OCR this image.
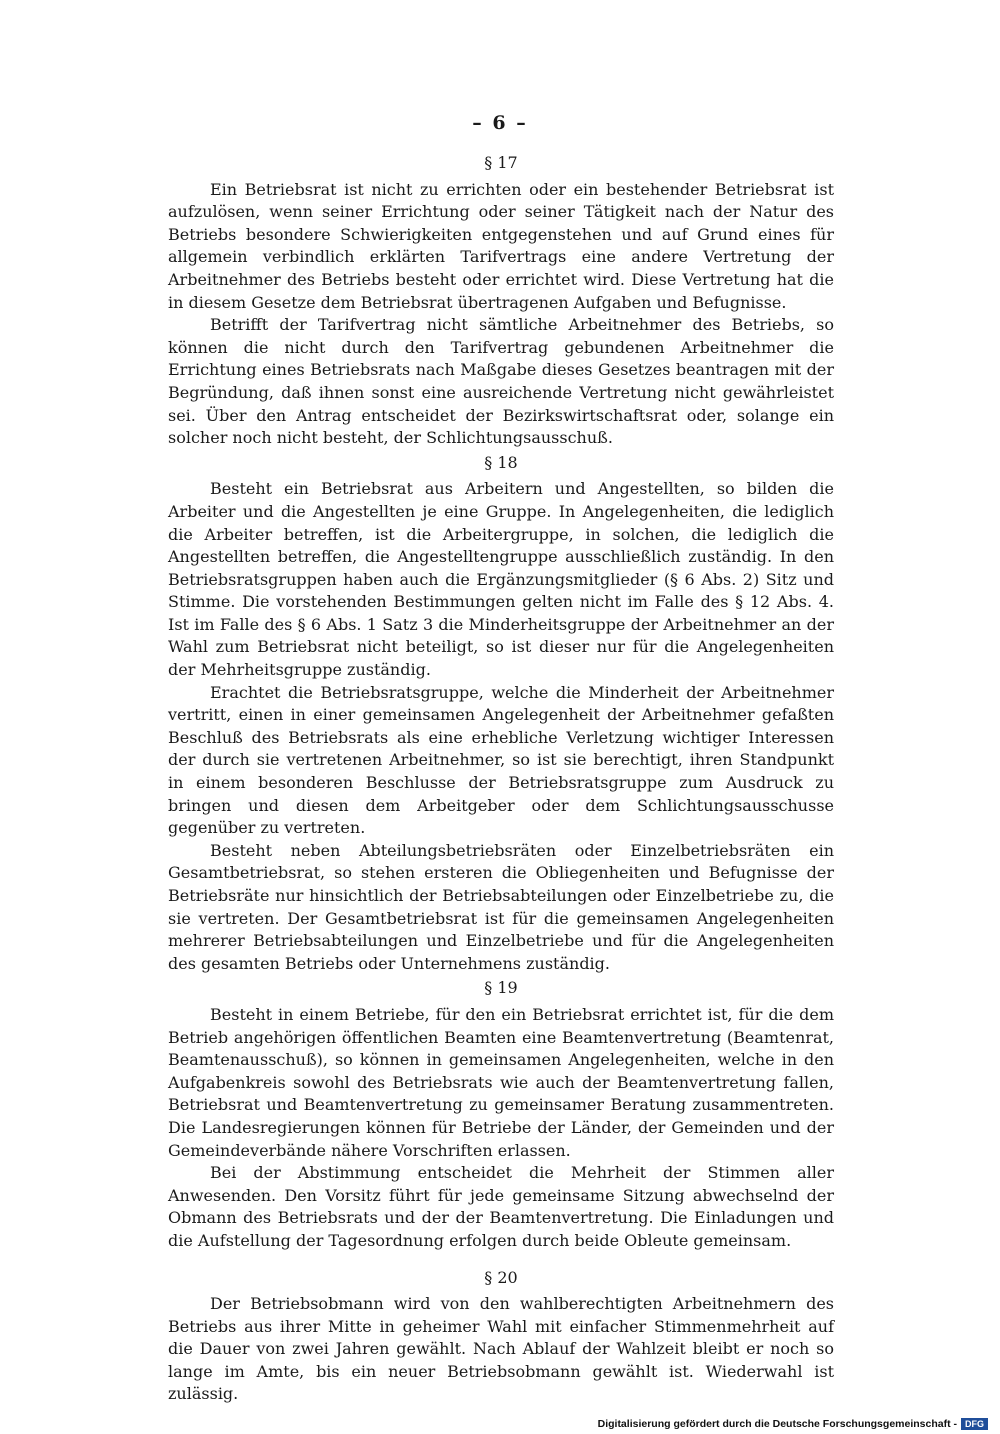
– 6 –
§ 17

Ein Betriebsrat ist nicht zu errichten oder ein bestehender Betriebsrat ist aufzulösen, wenn seiner Errichtung oder seiner Tätigkeit nach der Natur des Betriebs besondere Schwierigkeiten entgegenstehen und auf Grund eines für allgemein verbindlich erklärten Tarifvertrags eine andere Vertretung der Arbeitnehmer des Betriebs besteht oder errichtet wird. Diese Vertretung hat die in diesem Gesetze dem Betriebsrat übertragenen Aufgaben und Befugnisse.

Betrifft der Tarifvertrag nicht sämtliche Arbeitnehmer des Betriebs, so können die nicht durch den Tarifvertrag gebundenen Arbeitnehmer die Errichtung eines Betriebsrats nach Maßgabe dieses Gesetzes beantragen mit der Begründung, daß ihnen sonst eine ausreichende Vertretung nicht gewährleistet sei. Über den Antrag entscheidet der Bezirkswirtschaftsrat oder, solange ein solcher noch nicht besteht, der Schlichtungsausschuß.

§ 18

Besteht ein Betriebsrat aus Arbeitern und Angestellten, so bilden die Arbeiter und die Angestellten je eine Gruppe. In Angelegenheiten, die lediglich die Arbeiter betreffen, ist die Arbeitergruppe, in solchen, die lediglich die Angestellten betreffen, die Angestelltengruppe ausschließlich zuständig. In den Betriebsratsgruppen haben auch die Ergänzungsmitglieder (§ 6 Abs. 2) Sitz und Stimme. Die vorstehenden Bestimmungen gelten nicht im Falle des § 12 Abs. 4. Ist im Falle des § 6 Abs. 1 Satz 3 die Minderheitsgruppe der Arbeitnehmer an der Wahl zum Betriebsrat nicht beteiligt, so ist dieser nur für die Angelegenheiten der Mehrheitsgruppe zuständig.

Erachtet die Betriebsratsgruppe, welche die Minderheit der Arbeitnehmer vertritt, einen in einer gemeinsamen Angelegenheit der Arbeitnehmer gefaßten Beschluß des Betriebsrats als eine erhebliche Verletzung wichtiger Interessen der durch sie vertretenen Arbeitnehmer, so ist sie berechtigt, ihren Standpunkt in einem besonderen Beschlusse der Betriebsratsgruppe zum Ausdruck zu bringen und diesen dem Arbeitgeber oder dem Schlichtungsausschusse gegenüber zu vertreten.

Besteht neben Abteilungsbetriebsräten oder Einzelbetriebsräten ein Gesamtbetriebsrat, so stehen ersteren die Obliegenheiten und Befugnisse der Betriebsräte nur hinsichtlich der Betriebsabteilungen oder Einzelbetriebe zu, die sie vertreten. Der Gesamtbetriebsrat ist für die gemeinsamen Angelegenheiten mehrerer Betriebsabteilungen und Einzelbetriebe und für die Angelegenheiten des gesamten Betriebs oder Unternehmens zuständig.

§ 19

Besteht in einem Betriebe, für den ein Betriebsrat errichtet ist, für die dem Betrieb angehörigen öffentlichen Beamten eine Beamtenvertretung (Beamtenrat, Beamtenausschuß), so können in gemeinsamen Angelegenheiten, welche in den Aufgabenkreis sowohl des Betriebsrats wie auch der Beamtenvertretung fallen, Betriebsrat und Beamtenvertretung zu gemeinsamer Beratung zusammentreten. Die Landesregierungen können für Betriebe der Länder, der Gemeinden und der Gemeindeverbände nähere Vorschriften erlassen.

Bei der Abstimmung entscheidet die Mehrheit der Stimmen aller Anwesenden. Den Vorsitz führt für jede gemeinsame Sitzung abwechselnd der Obmann des Betriebsrats und der der Beamtenvertretung. Die Einladungen und die Aufstellung der Tagesordnung erfolgen durch beide Obleute gemeinsam.

§ 20

Der Betriebsobmann wird von den wahlberechtigten Arbeitnehmern des Betriebs aus ihrer Mitte in geheimer Wahl mit einfacher Stimmenmehrheit auf die Dauer von zwei Jahren gewählt. Nach Ablauf der Wahlzeit bleibt er noch so lange im Amte, bis ein neuer Betriebsobmann gewählt ist. Wiederwahl ist zulässig.

Digitalisierung gefördert durch die Deutsche Forschungsgemeinschaft - DFG
